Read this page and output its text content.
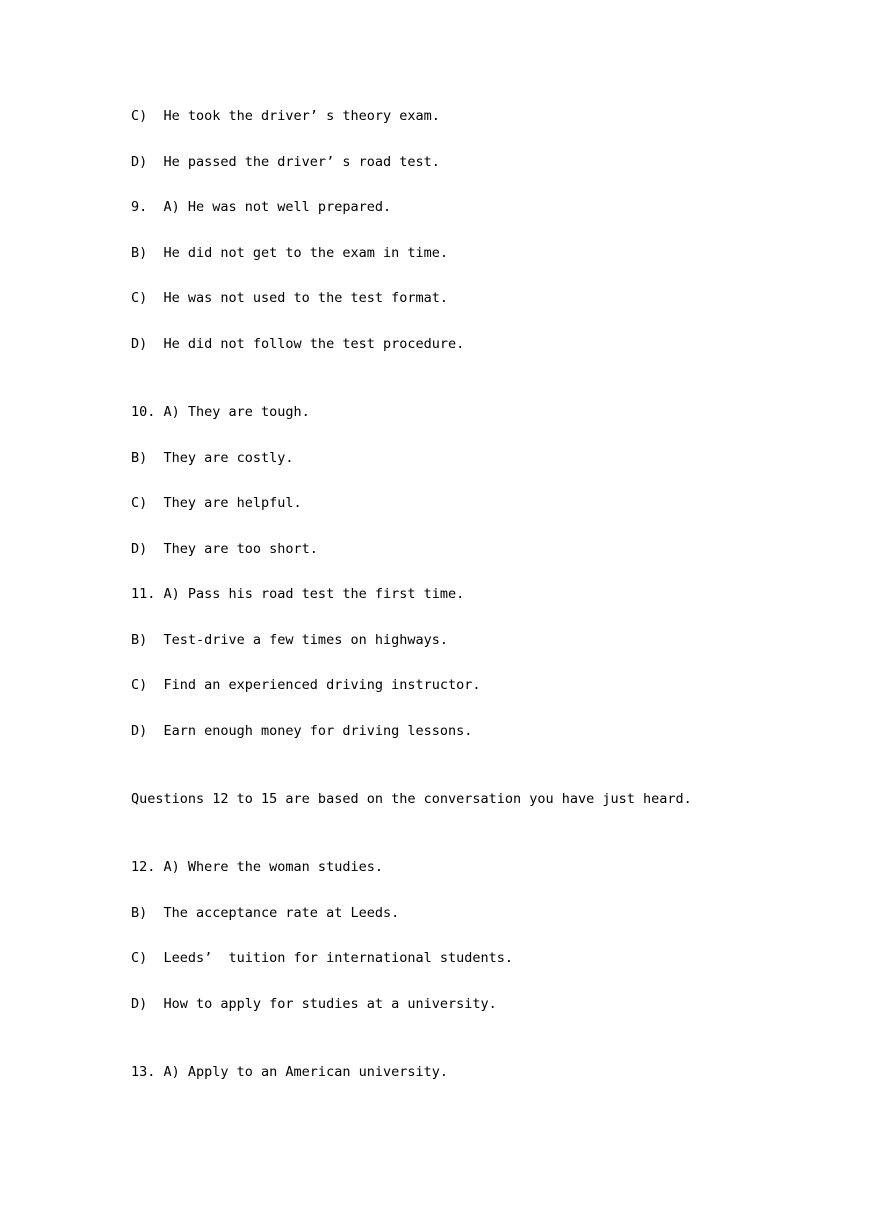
C)  He took the driver’ s theory exam.
D)  He passed the driver’ s road test.
9.  A) He was not well prepared.
B)  He did not get to the exam in time.
C)  He was not used to the test format.
D)  He did not follow the test procedure.
10. A) They are tough.
B)  They are costly.
C)  They are helpful.
D)  They are too short.
11. A) Pass his road test the first time.
B)  Test-drive a few times on highways.
C)  Find an experienced driving instructor.
D)  Earn enough money for driving lessons.
Questions 12 to 15 are based on the conversation you have just heard.
12. A) Where the woman studies.
B)  The acceptance rate at Leeds.
C)  Leeds’  tuition for international students.
D)  How to apply for studies at a university.
13. A) Apply to an American university.
